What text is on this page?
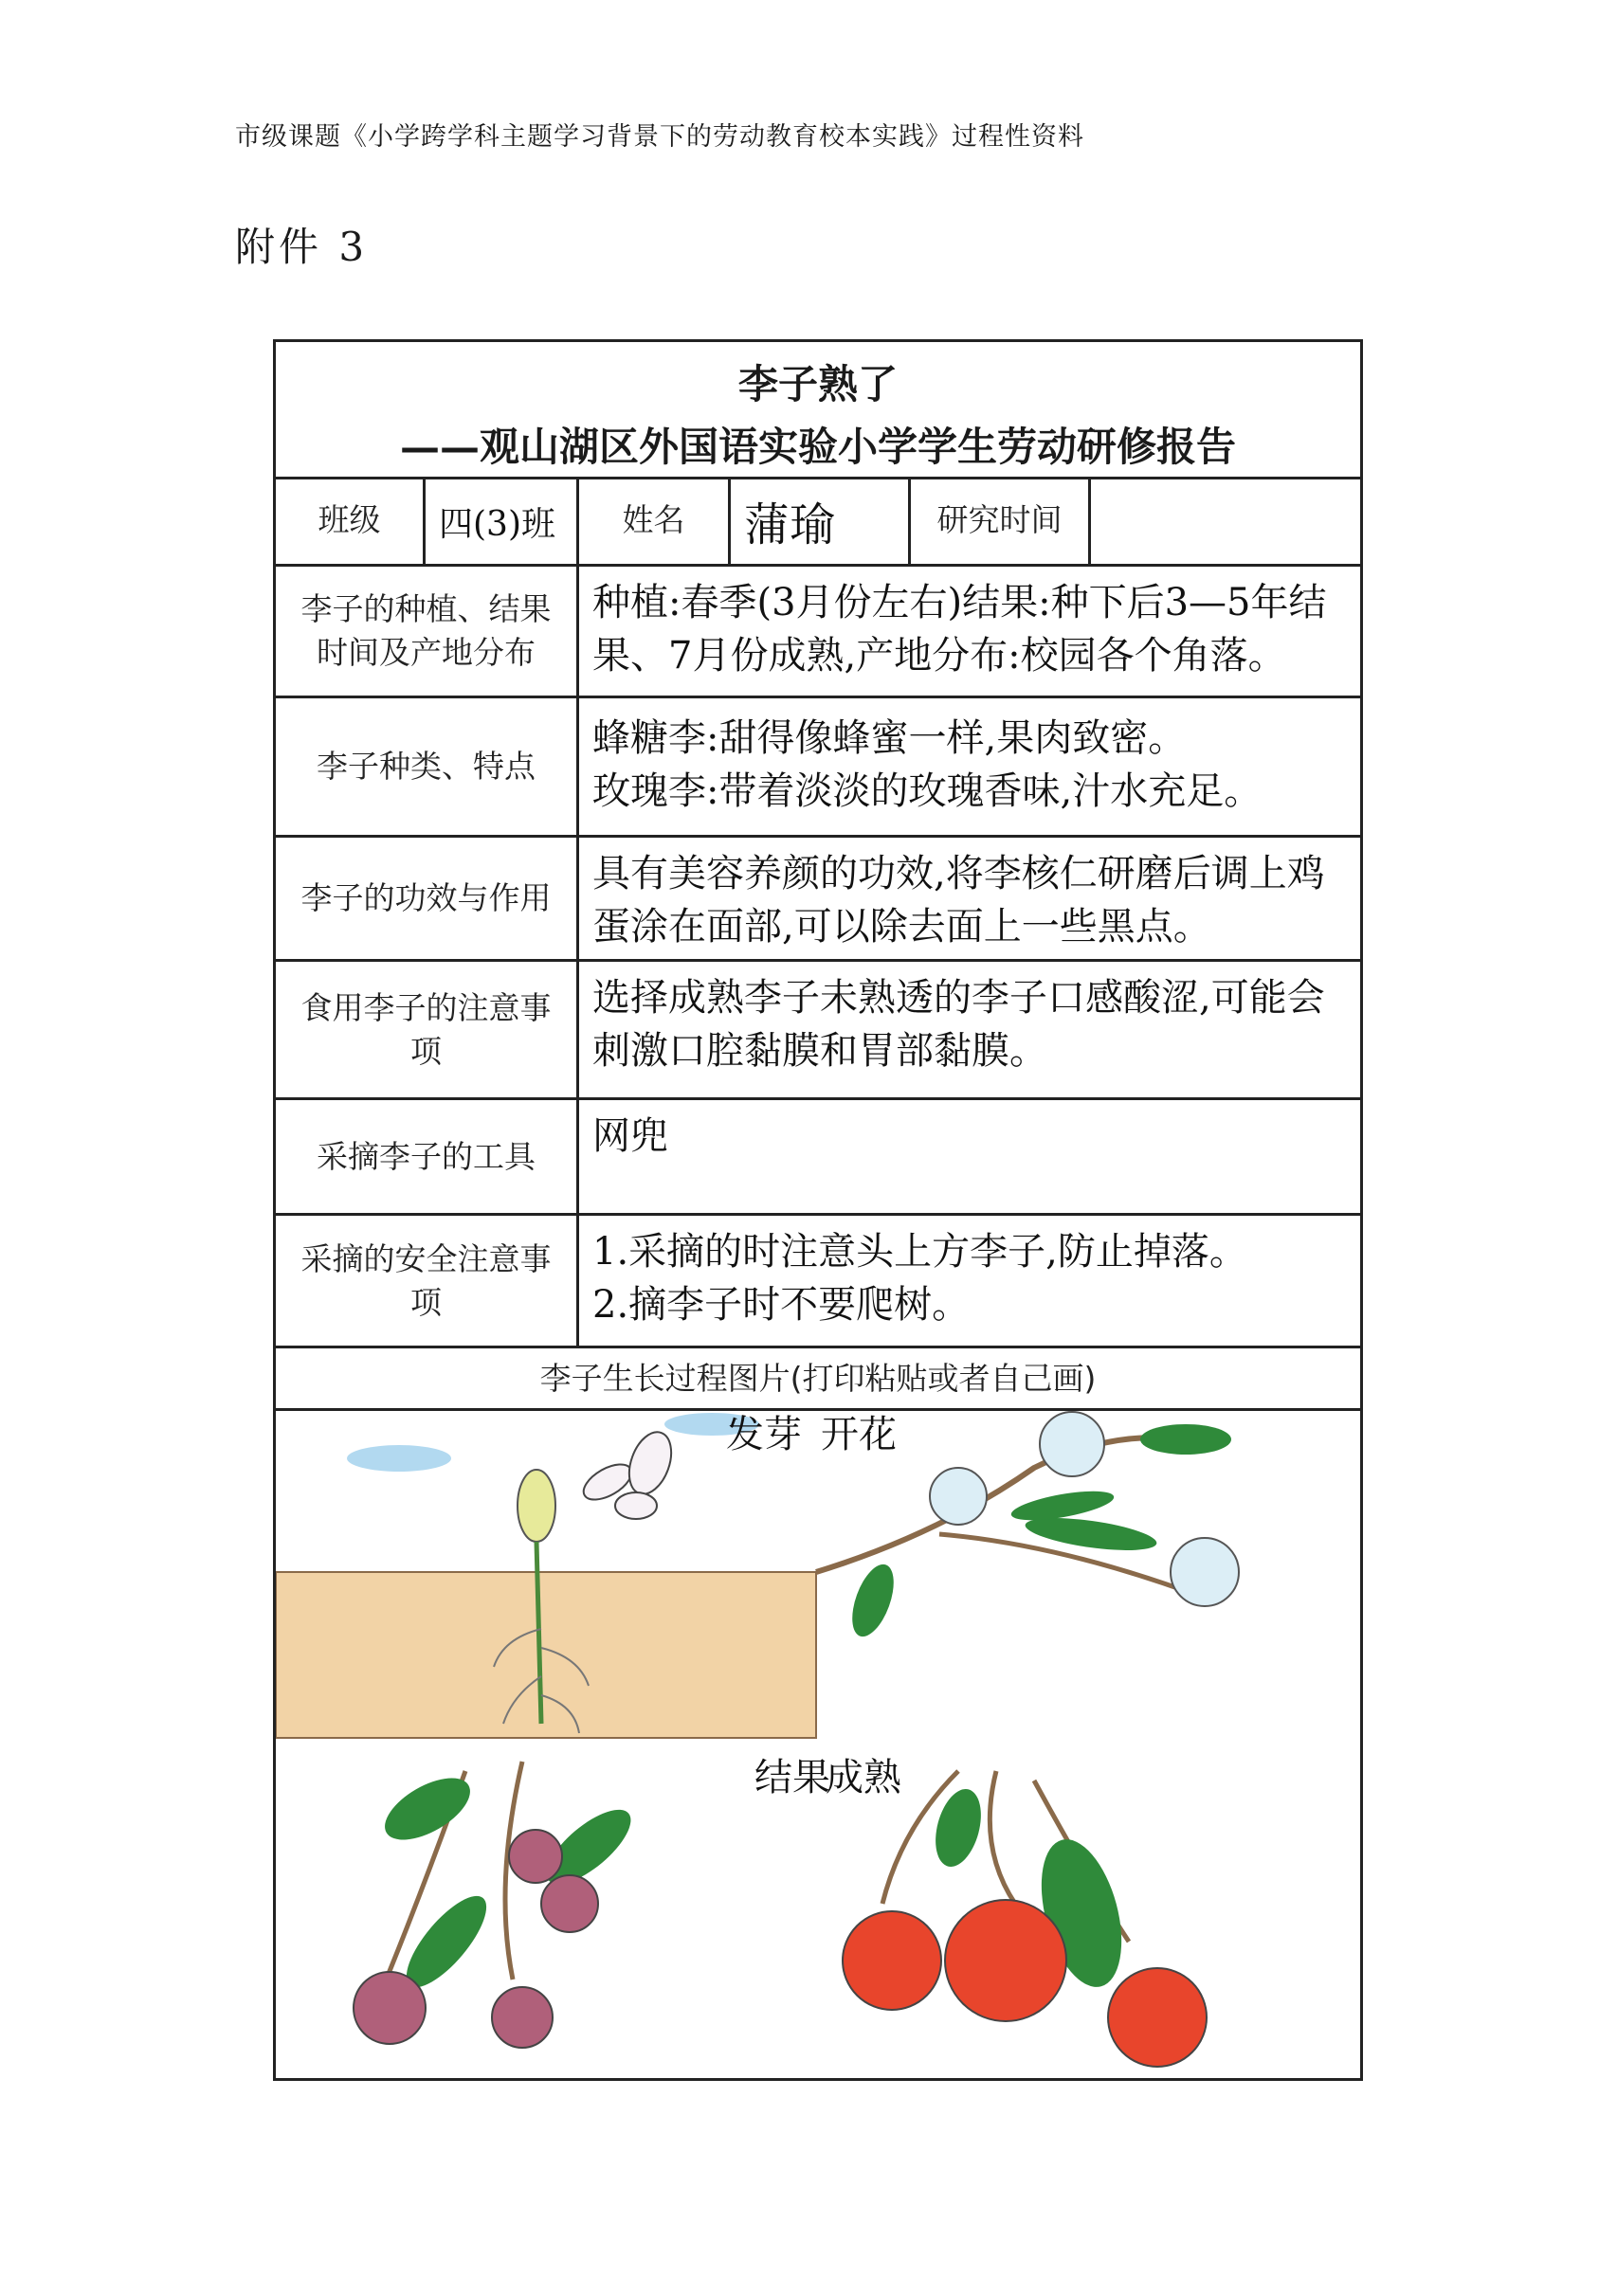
市级课题《小学跨学科主题学习背景下的劳动教育校本实践》过程性资料
附件 3
李子熟了
——观山湖区外国语实验小学学生劳动研修报告
班级 四(3)班 姓名 蒲瑜	研究时间
李子的种植、结果时间及产地分布
种植:春季(3月份左右)结果:种下后3—5年结果、7月份成熟,产地分布:校园各个角落。
李子种类、特点
蜂糖李:甜得像蜂蜜一样,果肉致密。
玫瑰李:带着淡淡的玫瑰香味,汁水充足。
李子的功效与作用
具有美容养颜的功效,将李核仁研磨后调上鸡蛋涂在面部,可以除去面上一些黑点。
食用李子的注意事项
选择成熟李子未熟透的李子口感酸涩,可能会刺激口腔黏膜和胃部黏膜。
采摘李子的工具 网兜
采摘的安全注意事项
1.采摘的时注意头上方李子,防止掉落。
2.摘李子时不要爬树。
李子生长过程图片(打印粘贴或者自己画)
发芽 开花
结果
成熟
